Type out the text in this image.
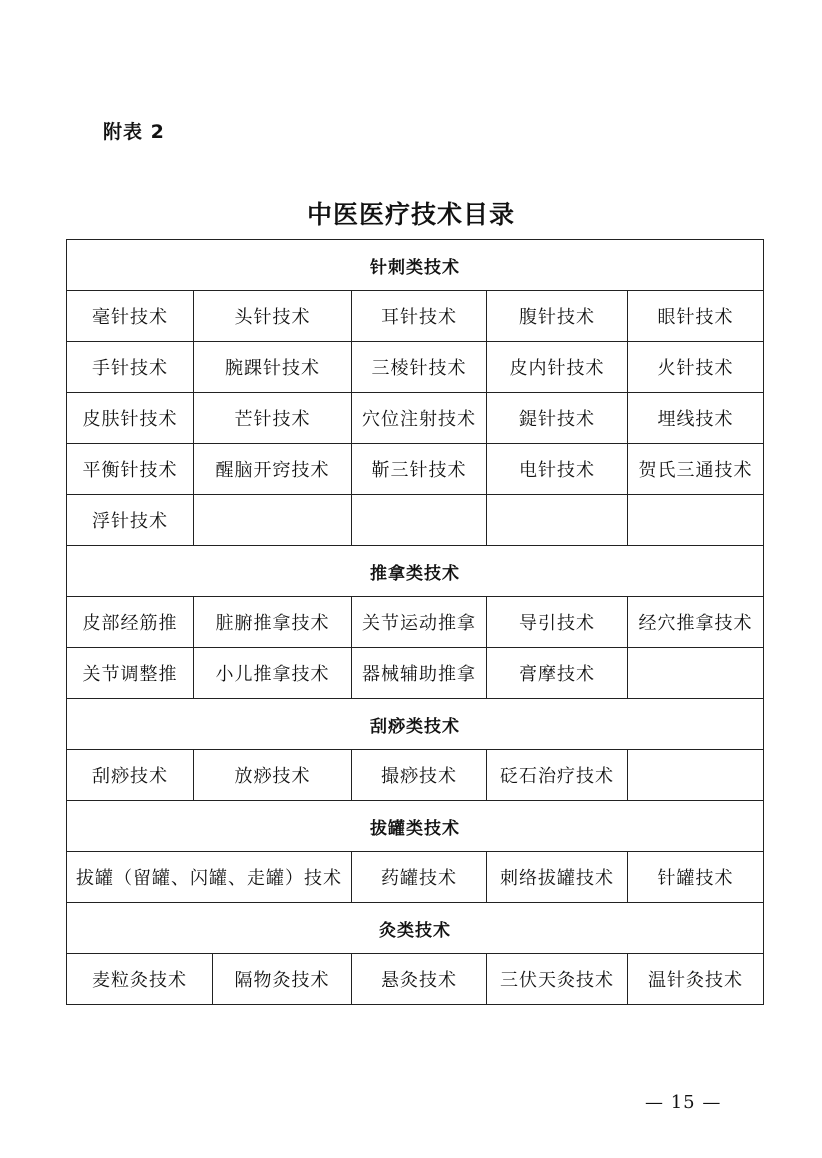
附表 2
中医医疗技术目录
针刺类技术					
毫针技术	头针技术		耳针技术	腹针技术	眼针技术
手针技术	腕踝针技术		三棱针技术	皮内针技术	火针技术
皮肤针技术	芒针技术		穴位注射技术	鍉针技术	埋线技术
平衡针技术	醒脑开窍技术		靳三针技术	电针技术	贺氏三通技术
浮针技术					
推拿类技术					
皮部经筋推	脏腑推拿技术		关节运动推拿	导引技术	经穴推拿技术
关节调整推	小儿推拿技术		器械辅助推拿	膏摩技术	
刮痧类技术					
刮痧技术	放痧技术		撮痧技术	砭石治疗技术	
拔罐类技术					
拔罐（留罐、闪罐、走罐）技术			药罐技术	刺络拔罐技术	针罐技术
灸类技术					
麦粒灸技术		隔物灸技术	悬灸技术	三伏天灸技术	温针灸技术
— 15 —
